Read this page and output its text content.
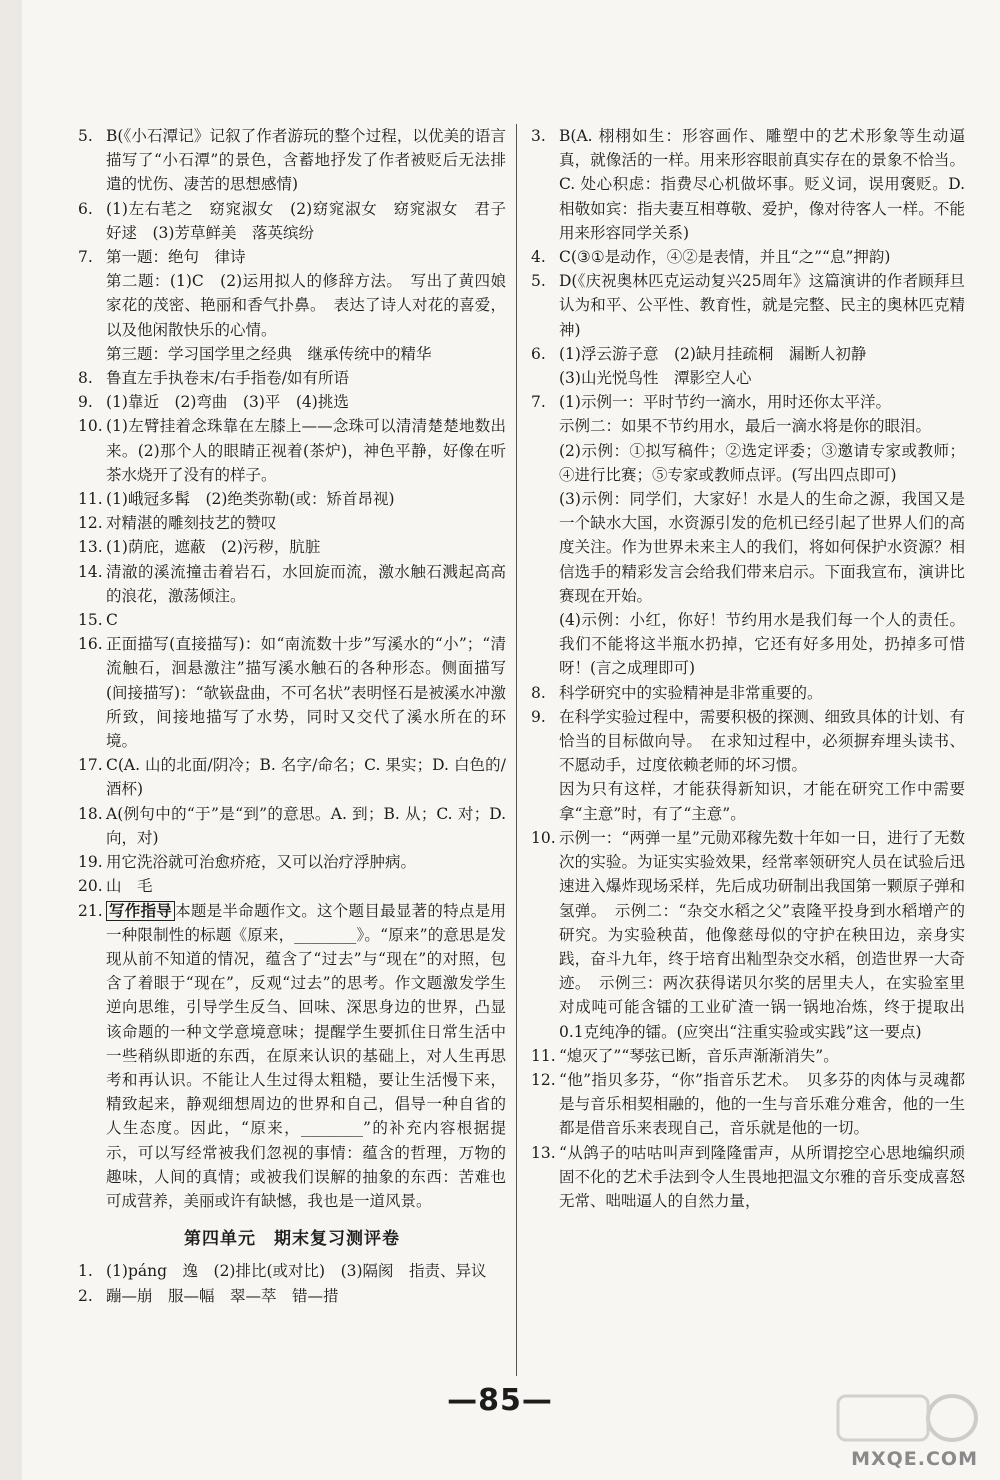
5. B(《小石潭记》记叙了作者游玩的整个过程，以优美的语言描写了“小石潭”的景色，含蓄地抒发了作者被贬后无法排遣的忧伤、凄苦的思想感情)
6. (1)左右芼之　窈窕淑女　(2)窈窕淑女　窈窕淑女　君子好逑　(3)芳草鲜美　落英缤纷
7. 第一题：绝句　律诗
第二题：(1)C　(2)运用拟人的修辞方法。　写出了黄四娘家花的茂密、艳丽和香气扑鼻。　表达了诗人对花的喜爱，以及他闲散快乐的心情。
第三题：学习国学里之经典　继承传统中的精华
8. 鲁直左手执卷末/右手指卷/如有所语
9. (1)靠近　(2)弯曲　(3)平　(4)挑选
10. (1)左臂挂着念珠靠在左膝上——念珠可以清清楚楚地数出来。(2)那个人的眼睛正视着(茶炉)，神色平静，好像在听茶水烧开了没有的样子。
11. (1)峨冠多髯　(2)绝类弥勒(或：矫首昂视)
12. 对精湛的雕刻技艺的赞叹
13. (1)荫庇，遮蔽　(2)污秽，肮脏
14. 清澈的溪流撞击着岩石，水回旋而流，激水触石溅起高高的浪花，激荡倾注。
15. C
16. 正面描写(直接描写)：如“南流数十步”写溪水的“小”；“清流触石，洄悬激注”描写溪水触石的各种形态。侧面描写(间接描写)：“欹嵚盘曲，不可名状”表明怪石是被溪水冲激所致，间接地描写了水势，同时又交代了溪水所在的环境。
17. C(A. 山的北面/阴冷；B. 名字/命名；C. 果实；D. 白色的/酒杯)
18. A(例句中的“于”是“到”的意思。A. 到；B. 从；C. 对；D. 向，对)
19. 用它洗浴就可治愈疥疮，又可以治疗浮肿病。
20. 山　毛
21. 写作指导 本题是半命题作文。这个题目最显著的特点是用一种限制性的标题《原来，________》。“原来”的意思是发现从前不知道的情况，蕴含了“过去”与“现在”的对照，包含了着眼于“现在”，反观“过去”的思考。作文题激发学生逆向思维，引导学生反刍、回味、深思身边的世界，凸显该命题的一种文学意境意味；提醒学生要抓住日常生活中一些稍纵即逝的东西，在原来认识的基础上，对人生再思考和再认识。不能让人生过得太粗糙，要让生活慢下来，精致起来，静观细想周边的世界和自己，倡导一种自省的人生态度。因此，“原来，________”的补充内容根据提示，可以写经常被我们忽视的事情：蕴含的哲理，万物的趣味，人间的真情；或被我们误解的抽象的东西：苦难也可成营养，美丽或许有缺憾，我也是一道风景。
第四单元　期末复习测评卷
1. (1)páng　逸　(2)排比(或对比)　(3)隔阂　指责、异议
2. 蹦—崩　服—幅　翠—萃　错—措
3. B(A. 栩栩如生：形容画作、雕塑中的艺术形象等生动逼真，就像活的一样。用来形容眼前真实存在的景象不恰当。C. 处心积虑：指费尽心机做坏事。贬义词，误用褒贬。D. 相敬如宾：指夫妻互相尊敬、爱护，像对待客人一样。不能用来形容同学关系)
4. C(③①是动作，④②是表情，并且“之”“息”押韵)
5. D(《庆祝奥林匹克运动复兴25周年》这篇演讲的作者顾拜旦认为和平、公平性、教育性，就是完整、民主的奥林匹克精神)
6. (1)浮云游子意　(2)缺月挂疏桐　漏断人初静
(3)山光悦鸟性　潭影空人心
7. (1)示例一：平时节约一滴水，用时还你太平洋。
示例二：如果不节约用水，最后一滴水将是你的眼泪。
(2)示例：①拟写稿件；②选定评委；③邀请专家或教师；④进行比赛；⑤专家或教师点评。(写出四点即可)
(3)示例：同学们，大家好！水是人的生命之源，我国又是一个缺水大国，水资源引发的危机已经引起了世界人们的高度关注。作为世界未来主人的我们，将如何保护水资源？相信选手的精彩发言会给我们带来启示。下面我宣布，演讲比赛现在开始。
(4)示例：小红，你好！节约用水是我们每一个人的责任。我们不能将这半瓶水扔掉，它还有好多用处，扔掉多可惜呀！(言之成理即可)
8. 科学研究中的实验精神是非常重要的。
9. 在科学实验过程中，需要积极的探测、细致具体的计划、有恰当的目标做向导。　在求知过程中，必须摒弃埋头读书、不愿动手，过度依赖老师的坏习惯。
因为只有这样，才能获得新知识，才能在研究工作中需要拿“主意”时，有了“主意”。
10. 示例一：“两弹一星”元勋邓稼先数十年如一日，进行了无数次的实验。为证实实验效果，经常率领研究人员在试验后迅速进入爆炸现场采样，先后成功研制出我国第一颗原子弹和氢弹。　示例二：“杂交水稻之父”袁隆平投身到水稻增产的研究。为实验秧苗，他像慈母似的守护在秧田边，亲身实践，奋斗九年，终于培育出籼型杂交水稻，创造世界一大奇迹。　示例三：两次获得诺贝尔奖的居里夫人，在实验室里对成吨可能含镭的工业矿渣一锅一锅地冶炼，终于提取出0.1克纯净的镭。(应突出“注重实验或实践”这一要点)
11. “熄灭了”“琴弦已断，音乐声渐渐消失”。
12. “他”指贝多芬，“你”指音乐艺术。　贝多芬的肉体与灵魂都是与音乐相契相融的，他的一生与音乐难分难舍，他的一生都是借音乐来表现自己，音乐就是他的一切。
13. “从鸽子的咕咕叫声到隆隆雷声，从所谓挖空心思地编织顽固不化的艺术手法到令人生畏地把温文尔雅的音乐变成喜怒无常、咄咄逼人的自然力量，
—85—
MXQE.COM
